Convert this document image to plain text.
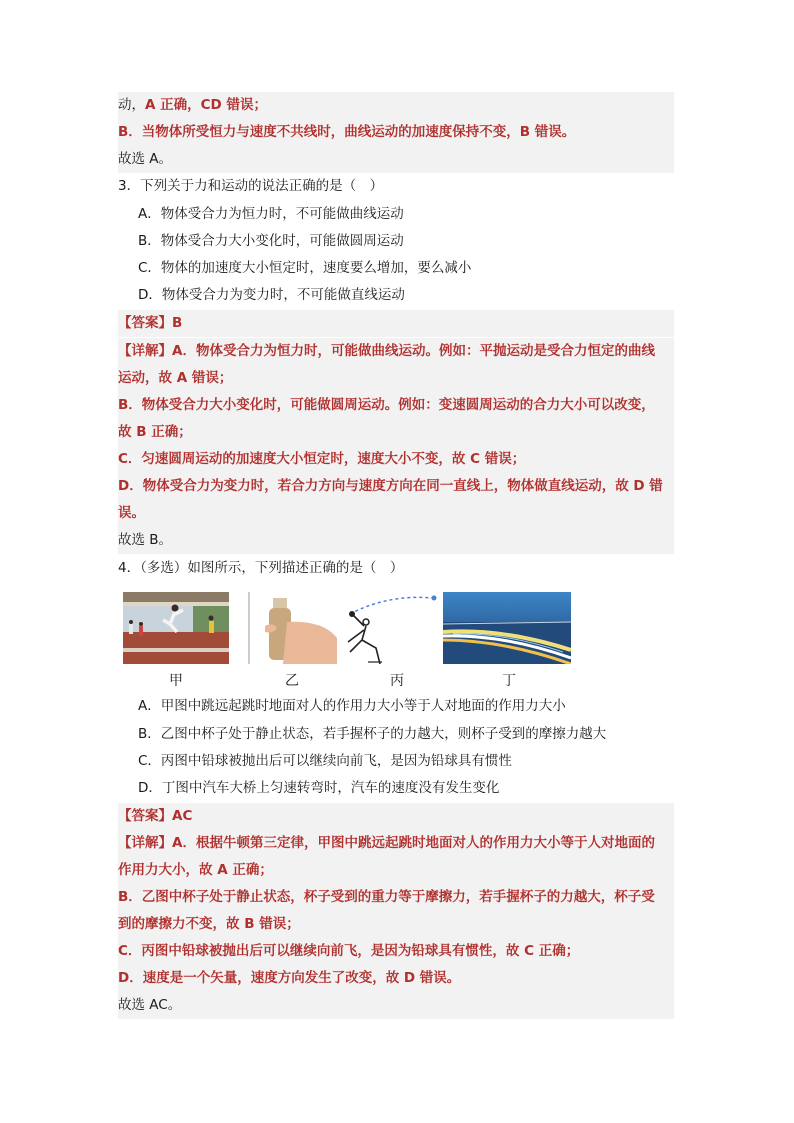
动，A 正确，CD 错误；
B．当物体所受恒力与速度不共线时，曲线运动的加速度保持不变，B 错误。
故选 A。
3．下列关于力和运动的说法正确的是（　）
A．物体受合力为恒力时，不可能做曲线运动
B．物体受合力大小变化时，可能做圆周运动
C．物体的加速度大小恒定时，速度要么增加，要么减小
D．物体受合力为变力时，不可能做直线运动
【答案】B
【详解】A．物体受合力为恒力时，可能做曲线运动。例如：平抛运动是受合力恒定的曲线
运动，故 A 错误；
B．物体受合力大小变化时，可能做圆周运动。例如：变速圆周运动的合力大小可以改变，
故 B 正确；
C．匀速圆周运动的加速度大小恒定时，速度大小不变，故 C 错误；
D．物体受合力为变力时，若合力方向与速度方向在同一直线上，物体做直线运动，故 D 错
误。
故选 B。
4．（多选）如图所示，下列描述正确的是（　）
甲	乙	丙	丁
A．甲图中跳远起跳时地面对人的作用力大小等于人对地面的作用力大小
B．乙图中杯子处于静止状态，若手握杯子的力越大，则杯子受到的摩擦力越大
C．丙图中铅球被抛出后可以继续向前飞，是因为铅球具有惯性
D．丁图中汽车大桥上匀速转弯时，汽车的速度没有发生变化
【答案】AC
【详解】A．根据牛顿第三定律，甲图中跳远起跳时地面对人的作用力大小等于人对地面的
作用力大小，故 A 正确；
B．乙图中杯子处于静止状态，杯子受到的重力等于摩擦力，若手握杯子的力越大，杯子受
到的摩擦力不变，故 B 错误；
C．丙图中铅球被抛出后可以继续向前飞，是因为铅球具有惯性，故 C 正确；
D．速度是一个矢量，速度方向发生了改变，故 D 错误。
故选 AC。
